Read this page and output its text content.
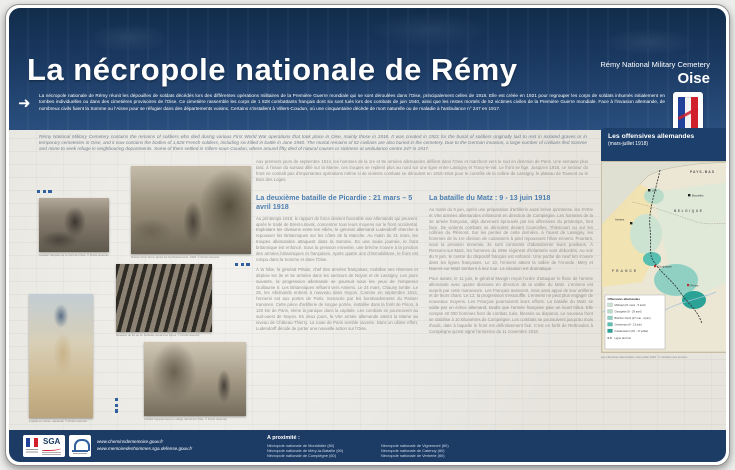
La nécropole nationale de Rémy	Rémy National Military Cemetery
Oise
➜ La nécropole nationale de Rémy réunit les dépouilles de soldats décédés lors des différentes opérations militaires de la Première Guerre mondiale qui se sont déroulées dans l'Oise, principalement celles de 1918. Elle est créée en 1921 pour regrouper les corps de soldats inhumés initialement en tombes individuelles ou dans des cimetières provisoires de l'Oise. Ce cimetière rassemble les corps de 1 828 combattants français dont six sont tués lors des combats de juin 1940, ainsi que les restes mortels de 52 victimes civiles de la Première Guerre mondiale. Face à l'invasion allemande, de nombreux civils fuient la Somme ou l'Aisne pour se réfugier dans des départements voisins. Certains s'installent à Villers-Coudun, où une cinquantaine décède de mort naturelle ou de maladie à l'ambulance n° 247 en 1917.
Rémy National Military Cemetery contains the remains of soldiers who died during various First World War operations that took place in Oise, mainly those in 1918. It was created in 1921 for the burial of soldiers originally laid to rest in isolated graves or in temporary cemeteries in Oise, and it now contains the bodies of 1,828 French soldiers, including six killed in battle in June 1940. The mortal remains of 52 civilians are also buried in the cemetery. Due to the German invasion, a large number of civilians fled Somme and Aisne to seek refuge in neighbouring departments. Some of them settled in Villers-sous-Coudun, where around fifty died of natural causes or sickness at ambulance centre 247 in 1917.
Cavalier français sur le front de l'Oise. © Droits réservés	Ruines d'une ferme après les bombardements, 1918. © Droits réservés
Réseaux de fils de fer barbelés devant les lignes. © Droits réservés
L'église en ruines, aquarelle. © Droits réservés	Soldats français dans un village détruit de l'Oise. © Droits réservés
Aux premiers jours de septembre 1914, les hommes de la 1re et 9e armées allemandes défilent dans l'Oise et marchent vers le sud en direction de Paris. Une semaine plus tard, à l'issue du sursaut allié sur la Marne, ces troupes se replient plus au nord sur une ligne entre Lassigny et Tracy-le-Val. Le front se fige. Jusqu'en 1918, ce secteur du front ne connaît pas d'importantes opérations même si de violents combats se déroulent en 1915-1916 pour le contrôle de la colline de Lassigny, le plateau de Touvent ou le Bois des Loges.
La deuxième bataille de Picardie : 21 mars – 5 avril 1918

Au printemps 1918, le rapport de force devient favorable aux Allemands qui peuvent, après le traité de Brest-Litovsk, concentrer tous leurs moyens sur le front occidental. Exploitant les divisions entre les Alliés, le général allemand Ludendorff cherche à repousser les Britanniques sur les côtes de la Manche. Au matin du 21 mars, les troupes allemandes attaquent dans la Somme. En une seule journée, le front britannique est enfoncé. Sous la pression ennemie, une brèche s'ouvre à la jonction des armées britanniques et françaises. Après quatre ans d'immobilisme, le front est rompu dans la Somme et dans l'Oise.

À la hâte, le général Pétain, chef des armées françaises, mobilise ses réserves et déploie les 3e et 5e armées dans les secteurs de Noyon et de Lassigny. Les jours suivants, la progression allemande se poursuit sous les yeux de l'empereur Guillaume II. Les Britanniques refluent vers Amiens. Le 24 mars, Chauny tombe. Le 25, les Allemands entrent à nouveau dans Noyon. Comme en septembre 1914, l'ennemi est aux portes de Paris, menacée par les bombardements du Pariser Kanonen. Cette pièce d'artillerie de longue portée, installée dans la forêt de Pinon, à 120 km de Paris, sème la panique dans la capitale. Les combats se poursuivent au sud-ouest de Noyon. En deux jours, la VIIe armée allemande atteint la Marne au niveau de Château-Thierry. La route de Paris semble ouverte. Dans un ultime effort, Ludendorff décide de porter une nouvelle action sur l'Oise.

La bataille du Matz : 9 - 13 juin 1918

Au matin du 9 juin, après une préparation d'artillerie aussi brève qu'intense, les XVIIIe et VIIe armées allemandes s'élancent en direction de Compiègne. Les hommes de la 3e armée française, déjà durement éprouvés par les offensives du printemps, font face. De violents combats se déroulent devant Courcelles, Thiescourt ou sur les collines du Plémont. Sur les pentes de cette dernière, à l'ouest de Lassigny, les hommes de la 1re division de cuirassiers à pied repoussent l'élan ennemi. Pourtant, sous la pression ennemie, ils sont contraints d'abandonner leurs positions. À Ressons-sur-Matz, les hommes du 269e régiment d'infanterie sont débordés. Au soir du 9 juin, le centre du dispositif français est enfoncé. Une poche de neuf km s'ouvre dans les lignes françaises. Le 10, l'ennemi atteint la vallée de l'Aronde. Méry et Marest-sur-Matz tombent à leur tour. La situation est dramatique.

Pour autant, le 11 juin, le général Mangin reçoit l'ordre d'attaquer le flanc de l'armée allemande avec quatre divisions en direction de la vallée du Matz. L'ennemi est surpris par cette manœuvre. Les Français avancent, mais sans appui de leur artillerie et de leurs chars. Le 12, la progression s'essouffle. L'ennemi ne peut plus engager de nouveaux moyens. Les Français poursuivent leurs efforts. La bataille du Matz se solde par un échec allemand, tandis que l'armée française paie un lourd tribut. Elle compte 40 000 hommes hors de combat, tués, blessés ou disparus. Le nouveau front se stabilise à 10 kilomètres de Compiègne. Les combats se poursuivent jusqu'au mois d'août, date à laquelle le front est définitivement fixé. C'est en forêt de Rethondes à Compiègne qu'est signé l'armistice du 11 novembre 1918.

Les offensives allemandes
(mars-juillet 1918)
PAYS-BAS
BELGIQUE
FRANCE
Lille
Bruxelles
Amiens
Compiègne
Reims
Offensives allemandes
Michael (21 mars - 5 avril)
Georgette (9 - 29 avril)
Blücher-Yorck (27 mai - 4 juin)
Gneisenau (9 - 13 juin)
Friedensturm (15 - 17 juillet)
Ligne de front
Les offensives allemandes, mars-juillet 1918. © ministère des armées
SGA	www.cheminsdememoire.gouv.fr
www.memoiredeshommes.sga.defense.gouv.fr
A proximité :
Nécropole nationale de Montdidier (80)
Nécropole nationale de Méry-la-Bataille (60)
Nécropole nationale de Compiègne (60)
Nécropole nationale de Vignemont (60)
Nécropole nationale de Catenoy (60)
Nécropole nationale de Verberie (60)
